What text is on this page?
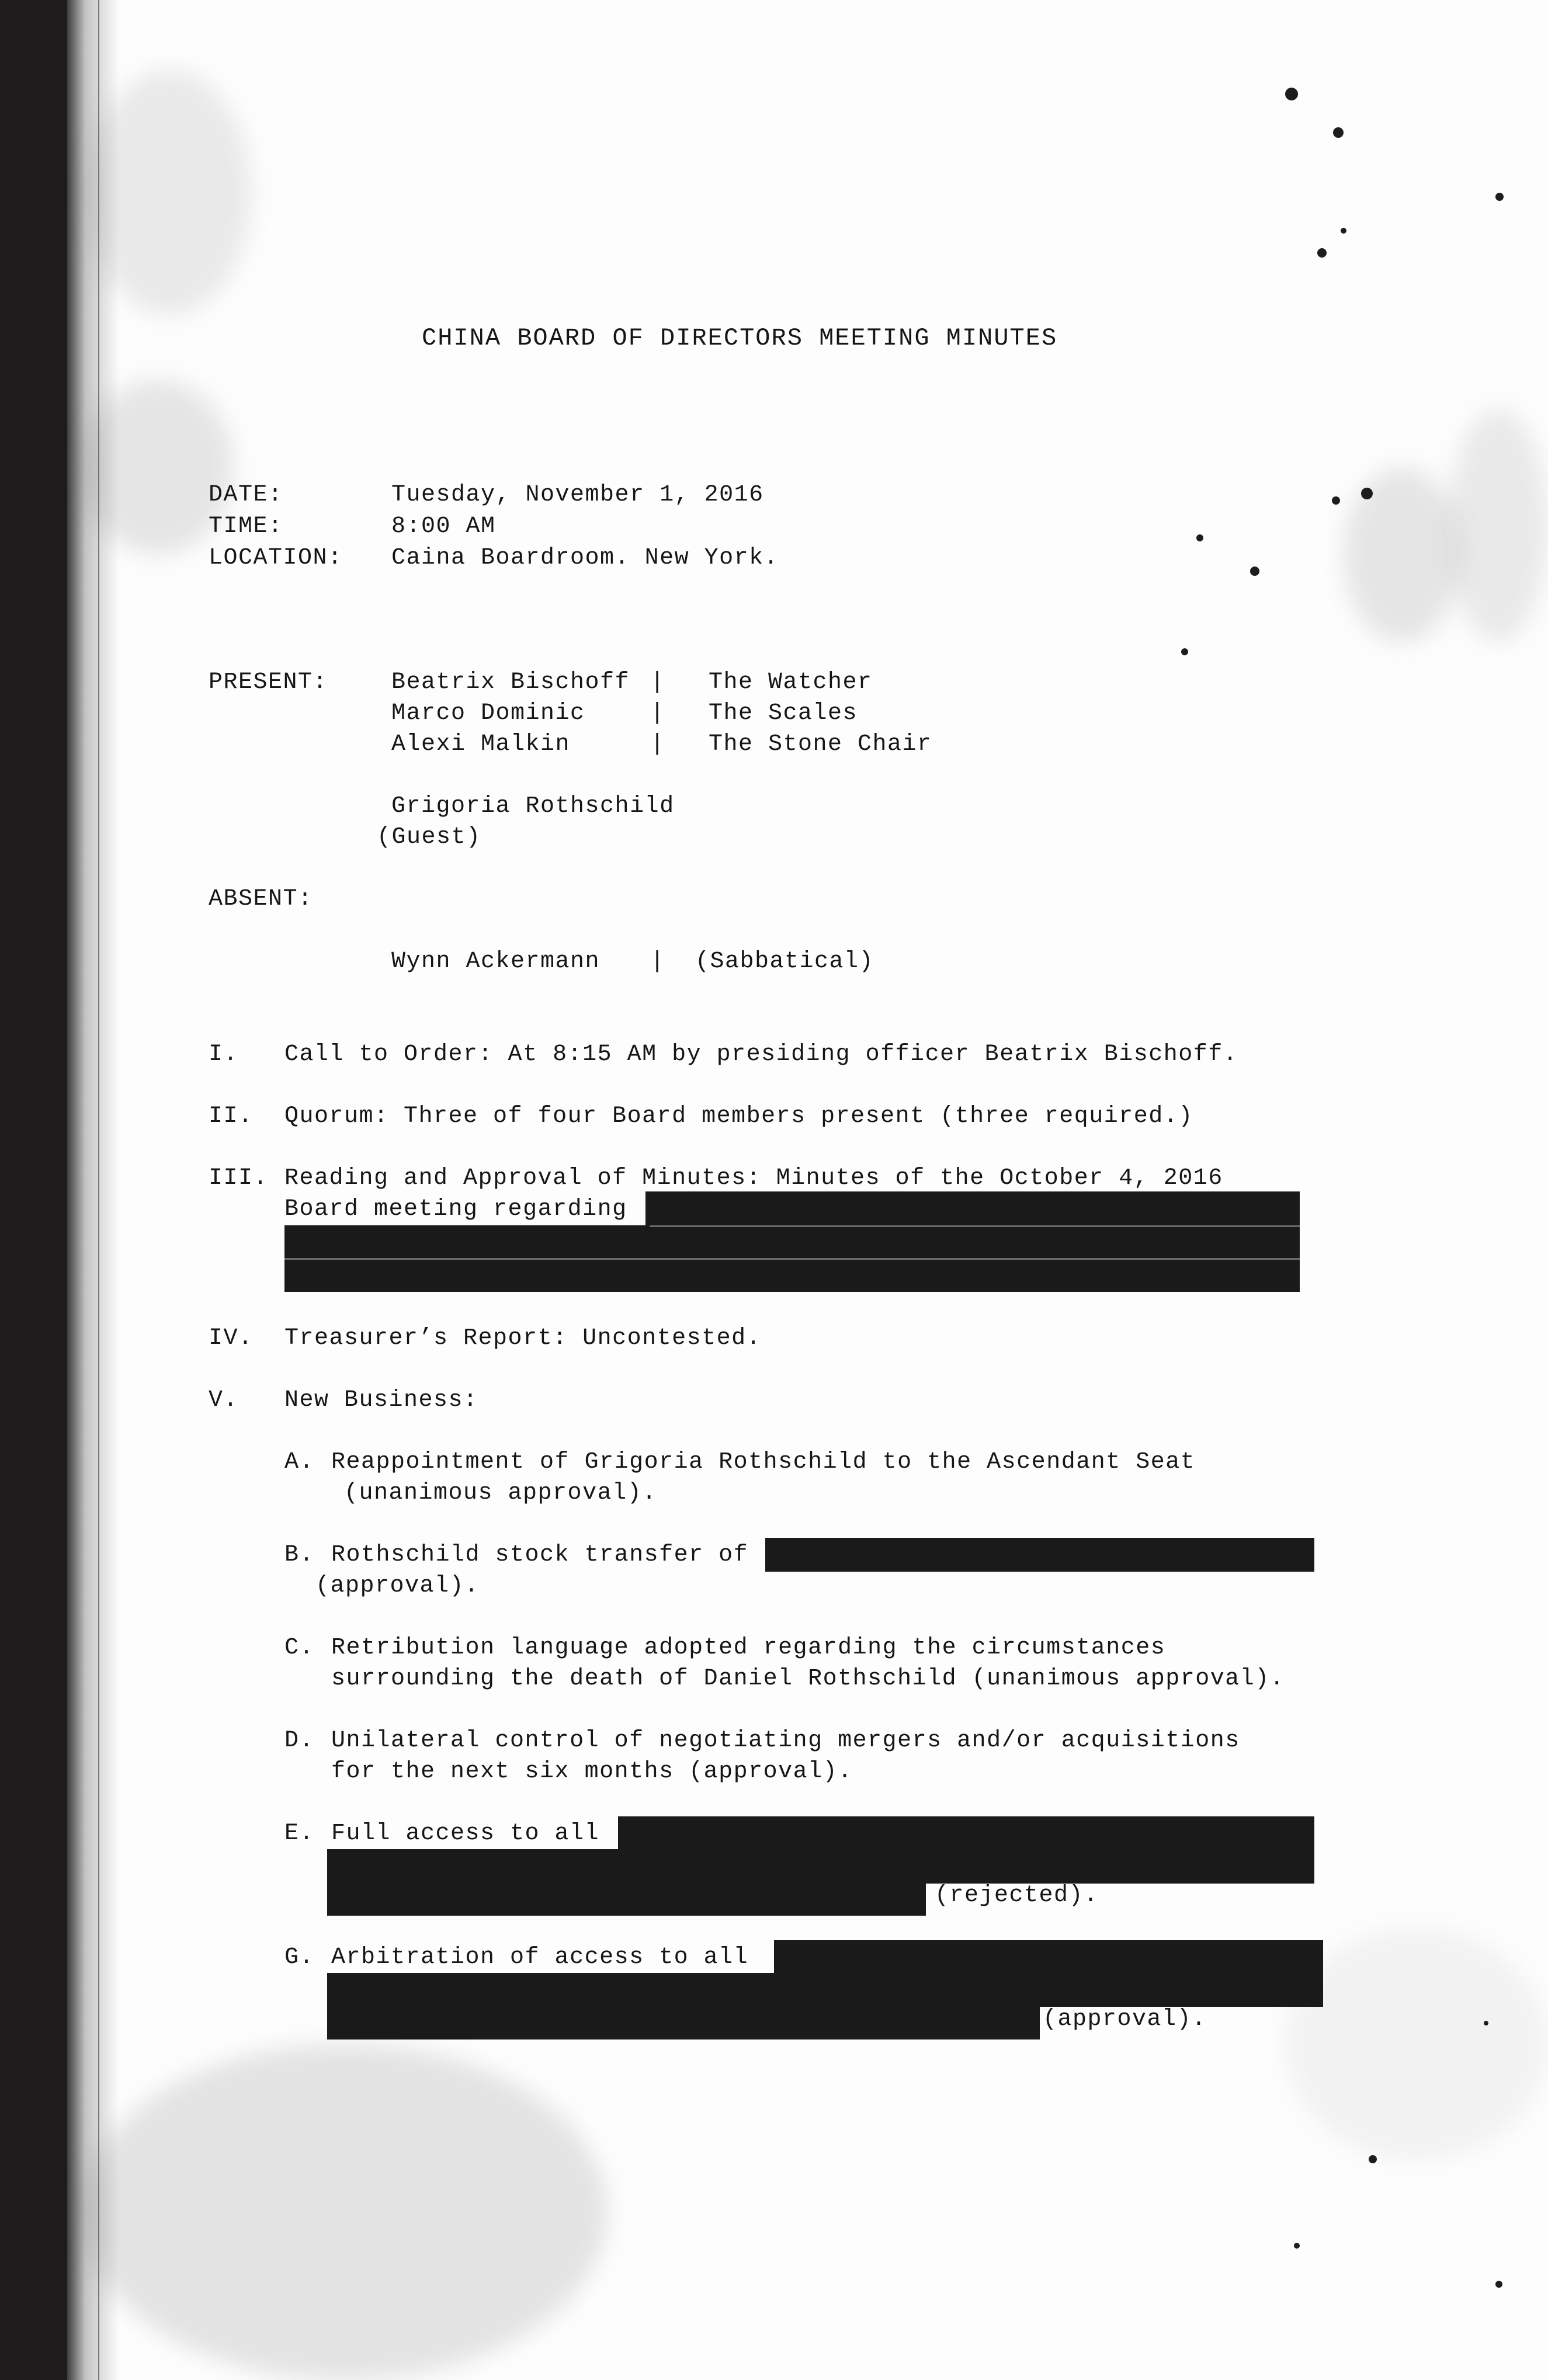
CHINA BOARD OF DIRECTORS MEETING MINUTES
DATE:	Tuesday, November 1, 2016
TIME:	8:00 AM
LOCATION: Caina Boardroom. New York.
PRESENT:	Beatrix Bischoff | The Watcher
Marco Dominic	| The Scales
Alexi Malkin	| The Stone Chair
Grigoria Rothschild
(Guest)
ABSENT:
Wynn Ackermann | (Sabbatical)
I. Call to Order: At 8:15 AM by presiding officer Beatrix Bischoff.
II. Quorum: Three of four Board members present (three required.)
III. Reading and Approval of Minutes: Minutes of the October 4, 2016
Board meeting regarding
IV. Treasurer’s Report: Uncontested.
V. New Business:
A. Reappointment of Grigoria Rothschild to the Ascendant Seat
(unanimous approval).
B. Rothschild stock transfer of
(approval).
C. Retribution language adopted regarding the circumstances
surrounding the death of Daniel Rothschild (unanimous approval).
D. Unilateral control of negotiating mergers and/or acquisitions
for the next six months (approval).
E. Full access to all
(rejected).
G. Arbitration of access to all
(approval).
